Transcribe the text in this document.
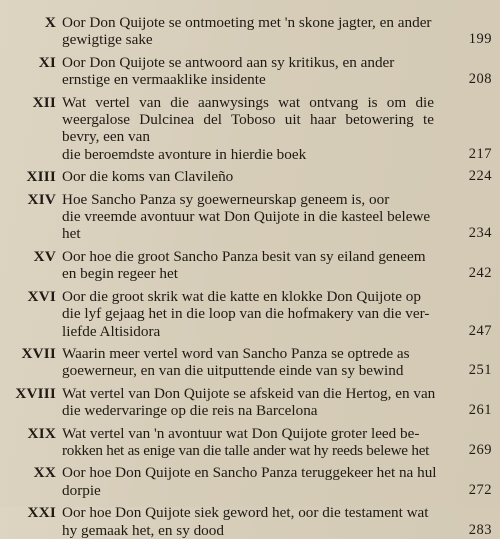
X Oor Don Quijote se ontmoeting met 'n skone jagter, en ander
gewigtige sake	199
XI Oor Don Quijote se antwoord aan sy kritikus, en ander
ernstige en vermaaklike insidente	208
XII Wat vertel van die aanwysings wat ontvang is om die weergalose Dulcinea del Toboso uit haar betowering te bevry, een van
die beroemdste avonture in hierdie boek	217
XIII Oor die koms van Clavileño	224
XIV Hoe Sancho Panza sy goewerneurskap geneem is, oor
die vreemde avontuur wat Don Quijote in die kasteel belewe
het	234
XV Oor hoe die groot Sancho Panza besit van sy eiland geneem
en begin regeer het	242
XVI Oor die groot skrik wat die katte en klokke Don Quijote op
die lyf gejaag het in die loop van die hofmakery van die ver-
liefde Altisidora	247
XVII Waarin meer vertel word van Sancho Panza se optrede as
goewerneur, en van die uitputtende einde van sy bewind	251
XVIII Wat vertel van Don Quijote se afskeid van die Hertog, en van
die wedervaringe op die reis na Barcelona	261
XIX Wat vertel van 'n avontuur wat Don Quijote groter leed be-
rokken het as enige van die talle ander wat hy reeds belewe het	269
XX Oor hoe Don Quijote en Sancho Panza teruggekeer het na hul
dorpie	272
XXI Oor hoe Don Quijote siek geword het, oor die testament wat
hy gemaak het, en sy dood	283
